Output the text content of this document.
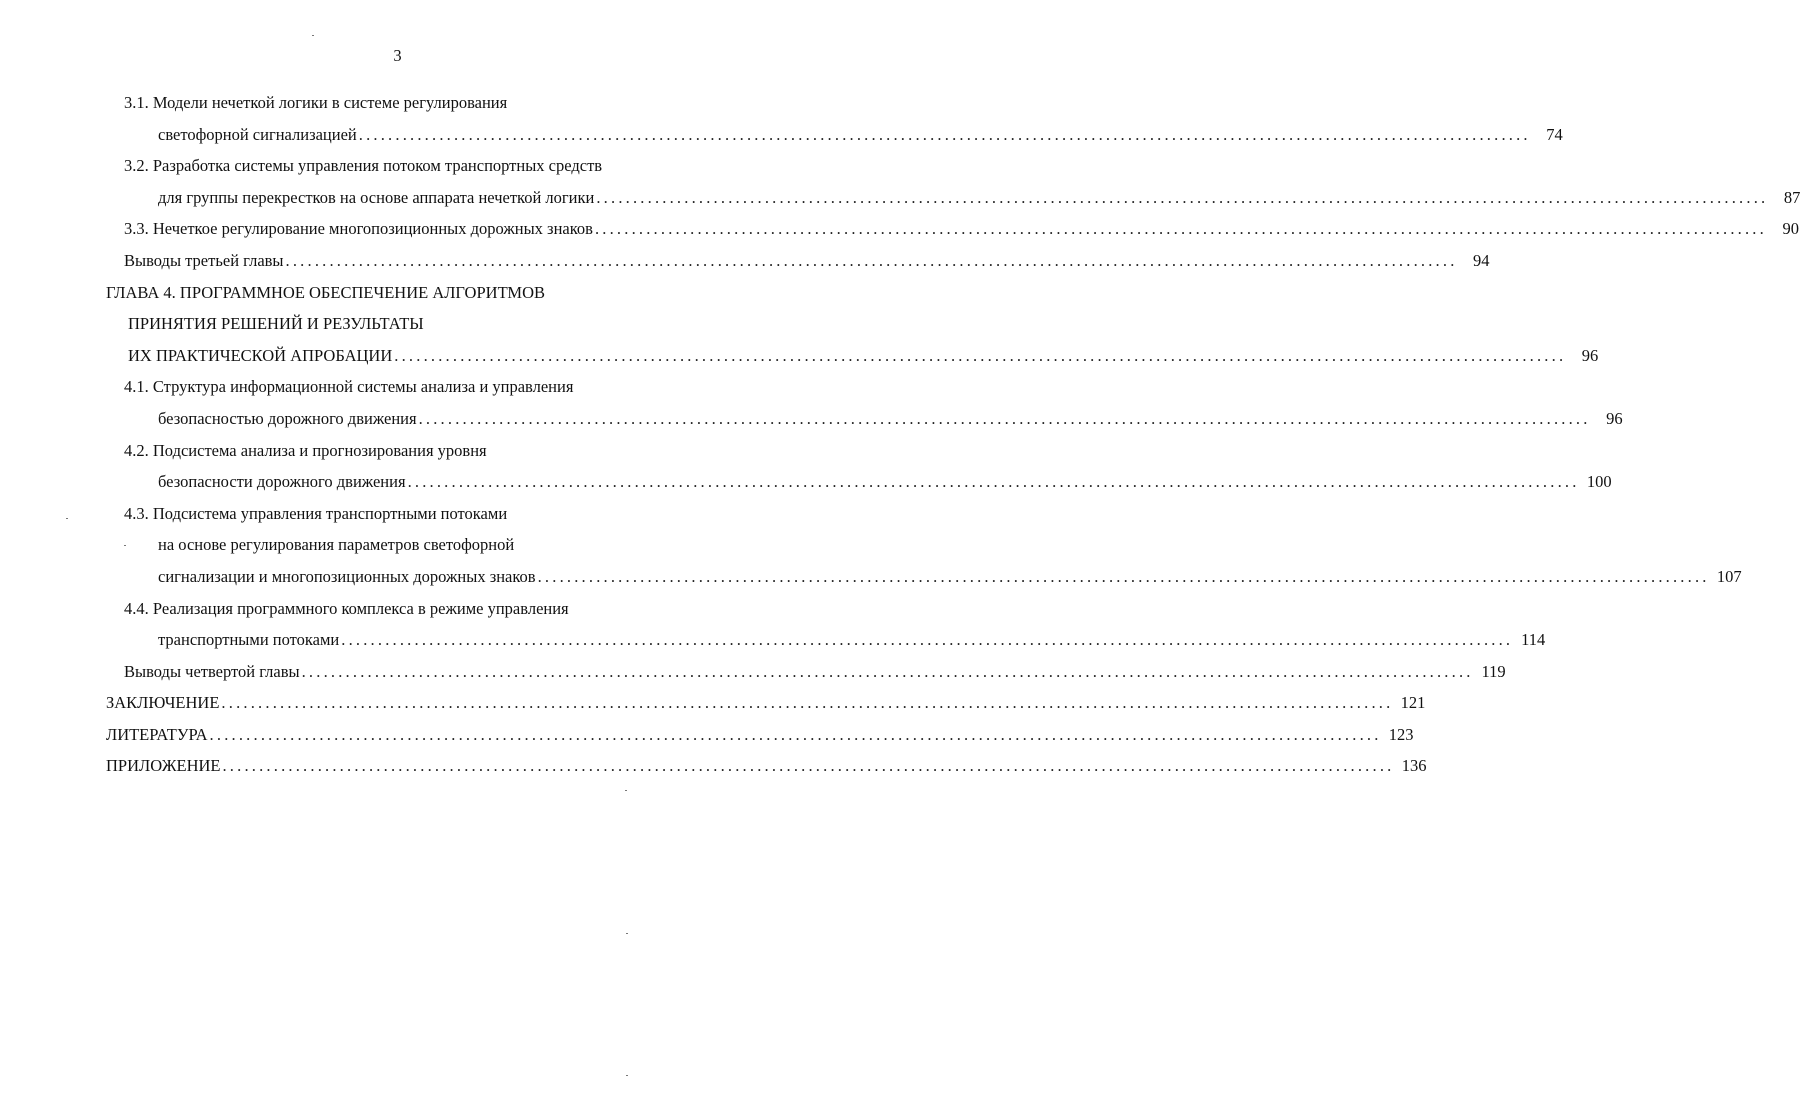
3
3.1. Модели нечеткой логики в системе регулирования
светофорной сигнализацией ................................................................................................................................................................ 74
3.2. Разработка системы управления потоком транспортных средств
для группы перекрестков на основе аппарата нечеткой логики ................................................................................................................................................................ 87
3.3. Нечеткое регулирование многопозиционных дорожных знаков ................................................................................................................................................................ 90
Выводы третьей главы ................................................................................................................................................................ 94
ГЛАВА 4. ПРОГРАММНОЕ ОБЕСПЕЧЕНИЕ АЛГОРИТМОВ
ПРИНЯТИЯ РЕШЕНИЙ И РЕЗУЛЬТАТЫ
ИХ ПРАКТИЧЕСКОЙ АПРОБАЦИИ ................................................................................................................................................................ 96
4.1. Структура информационной системы анализа и управления
безопасностью дорожного движения ................................................................................................................................................................ 96
4.2. Подсистема анализа и прогнозирования уровня
безопасности дорожного движения ................................................................................................................................................................ 100
4.3. Подсистема управления транспортными потоками
на основе регулирования параметров светофорной
сигнализации и многопозиционных дорожных знаков ................................................................................................................................................................ 107
4.4. Реализация программного комплекса в режиме управления
транспортными потоками ................................................................................................................................................................ 114
Выводы четвертой главы ................................................................................................................................................................ 119
ЗАКЛЮЧЕНИЕ ................................................................................................................................................................ 121
ЛИТЕРАТУРА ................................................................................................................................................................ 123
ПРИЛОЖЕНИЕ ................................................................................................................................................................ 136
